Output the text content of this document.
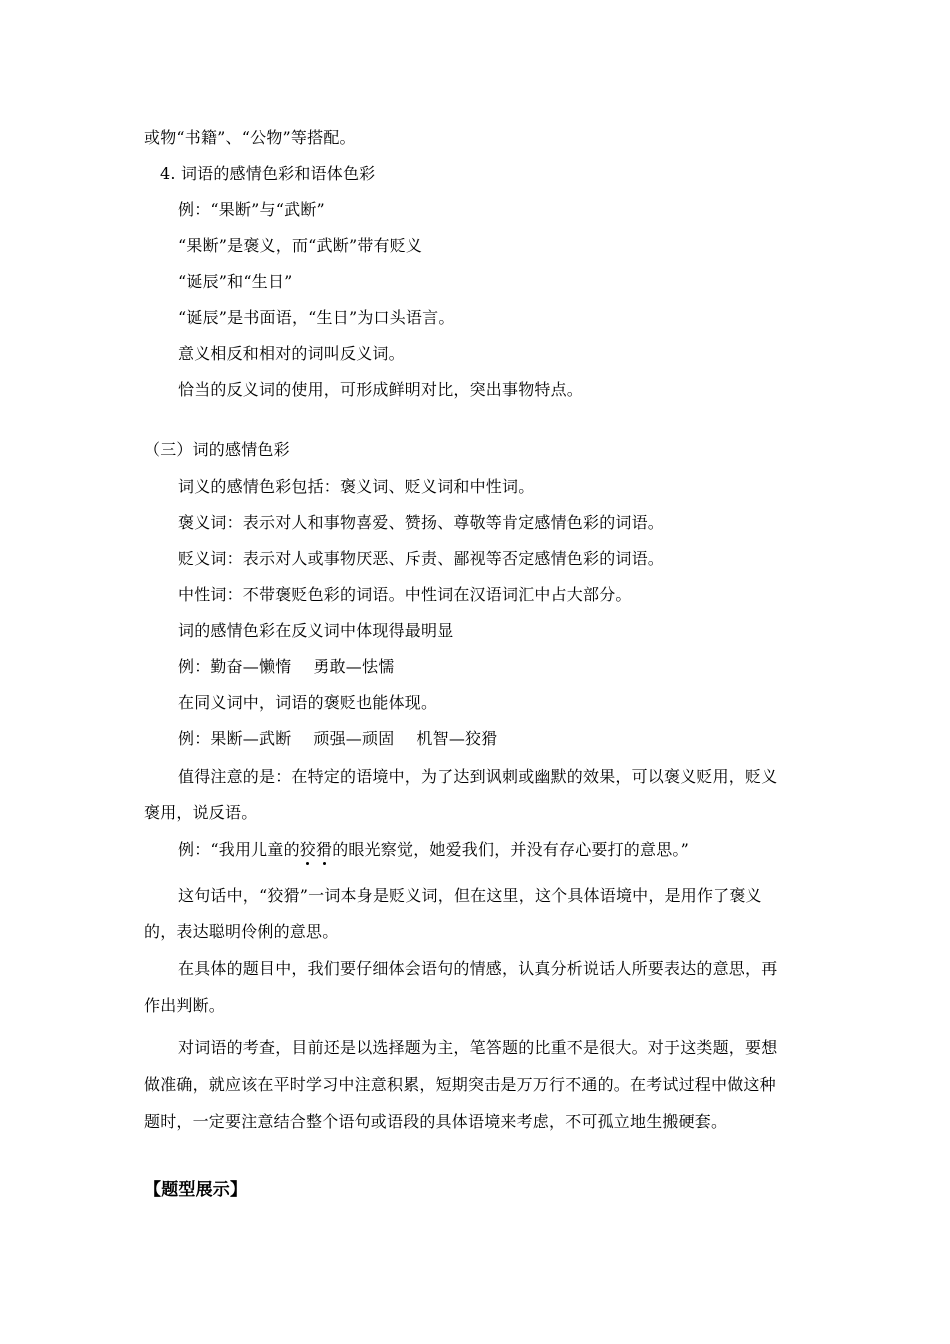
或物“书籍”、“公物”等搭配。
4. 词语的感情色彩和语体色彩
例：“果断”与“武断”
“果断”是褒义，而“武断”带有贬义
“诞辰”和“生日”
“诞辰”是书面语，“生日”为口头语言。
意义相反和相对的词叫反义词。
恰当的反义词的使用，可形成鲜明对比，突出事物特点。
（三）词的感情色彩
词义的感情色彩包括：褒义词、贬义词和中性词。
褒义词：表示对人和事物喜爱、赞扬、尊敬等肯定感情色彩的词语。
贬义词：表示对人或事物厌恶、斥责、鄙视等否定感情色彩的词语。
中性词：不带褒贬色彩的词语。中性词在汉语词汇中占大部分。
词的感情色彩在反义词中体现得最明显
例：勤奋—懒惰 勇敢—怯懦
在同义词中，词语的褒贬也能体现。
例：果断—武断 顽强—顽固 机智—狡猾
值得注意的是：在特定的语境中，为了达到讽刺或幽默的效果，可以褒义贬用，贬义
褒用，说反语。
例：“我用儿童的狡猾的眼光察觉，她爱我们，并没有存心要打的意思。”
这句话中，“狡猾”一词本身是贬义词，但在这里，这个具体语境中，是用作了褒义
的，表达聪明伶俐的意思。
在具体的题目中，我们要仔细体会语句的情感，认真分析说话人所要表达的意思，再
作出判断。
对词语的考查，目前还是以选择题为主，笔答题的比重不是很大。对于这类题，要想
做准确，就应该在平时学习中注意积累，短期突击是万万行不通的。在考试过程中做这种
题时，一定要注意结合整个语句或语段的具体语境来考虑，不可孤立地生搬硬套。
【题型展示】
